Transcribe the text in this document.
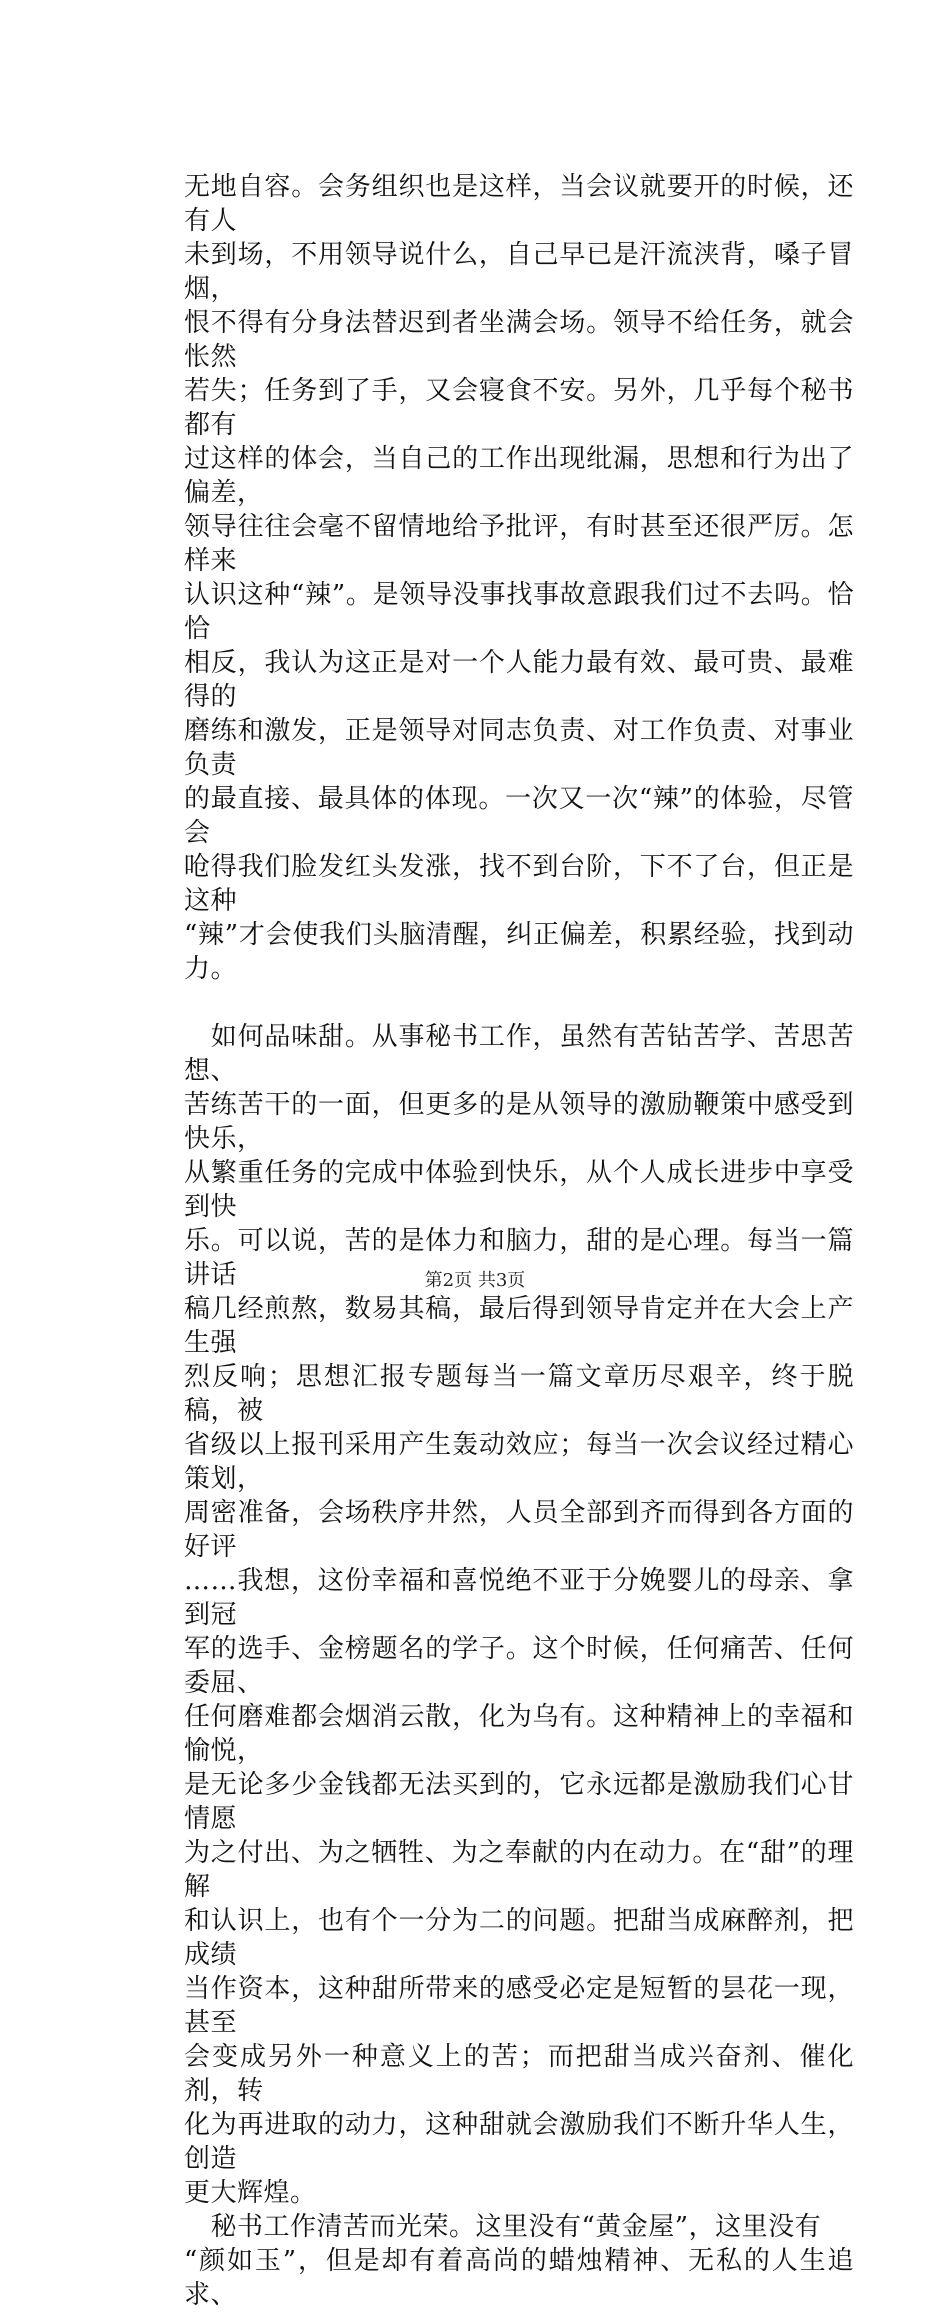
无地自容。会务组织也是这样，当会议就要开的时候，还有人
未到场，不用领导说什么，自己早已是汗流浃背，嗓子冒烟，
恨不得有分身法替迟到者坐满会场。领导不给任务，就会怅然
若失；任务到了手，又会寝食不安。另外，几乎每个秘书都有
过这样的体会，当自己的工作出现纰漏，思想和行为出了偏差，
领导往往会毫不留情地给予批评，有时甚至还很严厉。怎样来
认识这种“辣”。是领导没事找事故意跟我们过不去吗。恰恰
相反，我认为这正是对一个人能力最有效、最可贵、最难得的
磨练和激发，正是领导对同志负责、对工作负责、对事业负责
的最直接、最具体的体现。一次又一次“辣”的体验，尽管会
呛得我们脸发红头发涨，找不到台阶，下不了台，但正是这种
“辣”才会使我们头脑清醒，纠正偏差，积累经验，找到动力。
　如何品味甜。从事秘书工作，虽然有苦钻苦学、苦思苦想、
苦练苦干的一面，但更多的是从领导的激励鞭策中感受到快乐，
从繁重任务的完成中体验到快乐，从个人成长进步中享受到快
乐。可以说，苦的是体力和脑力，甜的是心理。每当一篇讲话
稿几经煎熬，数易其稿，最后得到领导肯定并在大会上产生强
烈反响；思想汇报专题每当一篇文章历尽艰辛，终于脱稿，被
省级以上报刊采用产生轰动效应；每当一次会议经过精心策划，
周密准备，会场秩序井然，人员全部到齐而得到各方面的好评
……我想，这份幸福和喜悦绝不亚于分娩婴儿的母亲、拿到冠
军的选手、金榜题名的学子。这个时候，任何痛苦、任何委屈、
任何磨难都会烟消云散，化为乌有。这种精神上的幸福和愉悦，
是无论多少金钱都无法买到的，它永远都是激励我们心甘情愿
为之付出、为之牺牲、为之奉献的内在动力。在“甜”的理解
和认识上，也有个一分为二的问题。把甜当成麻醉剂，把成绩
当作资本，这种甜所带来的感受必定是短暂的昙花一现，甚至
会变成另外一种意义上的苦；而把甜当成兴奋剂、催化剂，转
化为再进取的动力，这种甜就会激励我们不断升华人生，创造
更大辉煌。
　秘书工作清苦而光荣。这里没有“黄金屋”，这里没有
“颜如玉”，但是却有着高尚的蜡烛精神、无私的人生追求、
第2页 共3页
